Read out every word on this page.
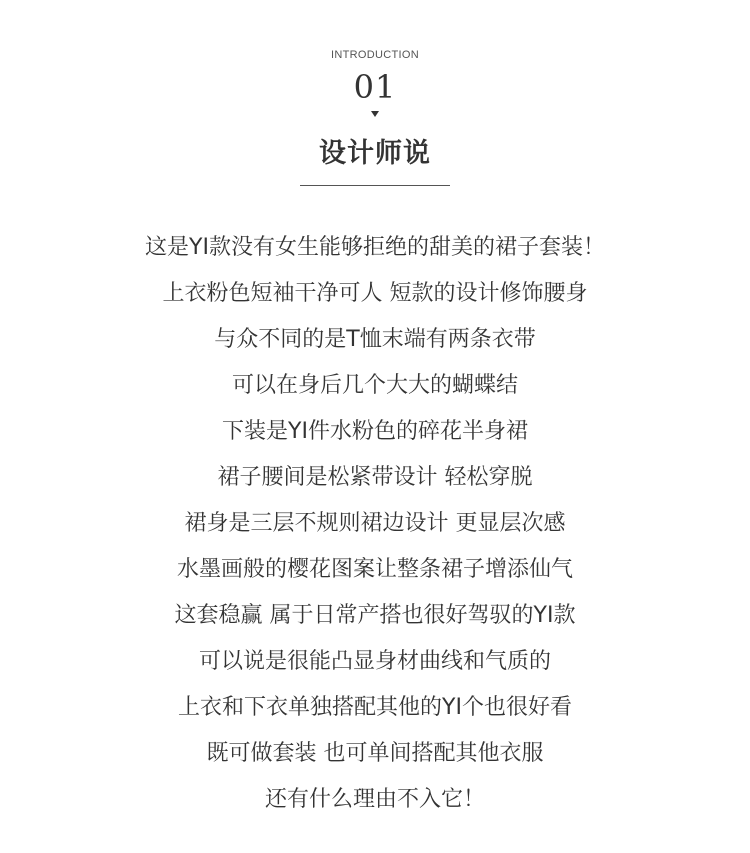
INTRODUCTION
01
设计师说
这是YI款没有女生能够拒绝的甜美的裙子套装！
上衣粉色短袖干净可人 短款的设计修饰腰身
与众不同的是T恤末端有两条衣带
可以在身后几个大大的蝴蝶结
下装是YI件水粉色的碎花半身裙
裙子腰间是松紧带设计 轻松穿脱
裙身是三层不规则裙边设计 更显层次感
水墨画般的樱花图案让整条裙子增添仙气
这套稳赢 属于日常产搭也很好驾驭的YI款
可以说是很能凸显身材曲线和气质的
上衣和下衣单独搭配其他的YI个也很好看
既可做套装 也可单间搭配其他衣服
还有什么理由不入它！
